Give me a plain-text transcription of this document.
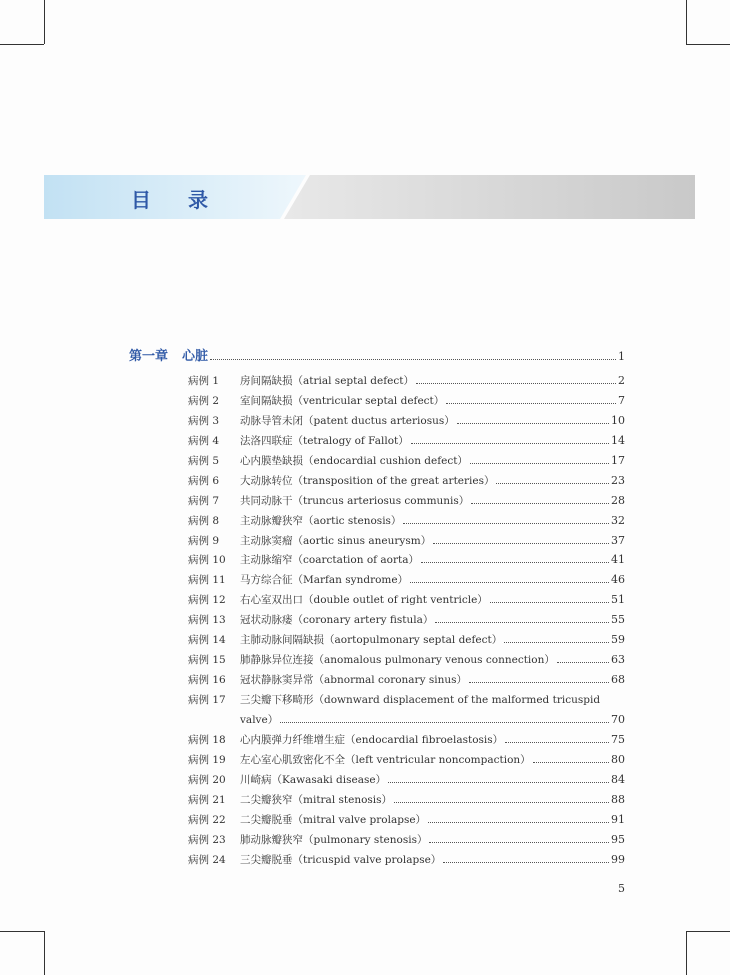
目 录
第一章 心脏	1
病例 1	房间隔缺损（atrial septal defect）	2
病例 2	室间隔缺损（ventricular septal defect）	7
病例 3	动脉导管未闭（patent ductus arteriosus）	10
病例 4	法洛四联症（tetralogy of Fallot）	14
病例 5	心内膜垫缺损（endocardial cushion defect）	17
病例 6	大动脉转位（transposition of the great arteries）	23
病例 7	共同动脉干（truncus arteriosus communis）	28
病例 8	主动脉瓣狭窄（aortic stenosis）	32
病例 9	主动脉窦瘤（aortic sinus aneurysm）	37
病例 10	主动脉缩窄（coarctation of aorta）	41
病例 11	马方综合征（Marfan syndrome）	46
病例 12	右心室双出口（double outlet of right ventricle）	51
病例 13	冠状动脉瘘（coronary artery fistula）	55
病例 14	主肺动脉间隔缺损（aortopulmonary septal defect）	59
病例 15	肺静脉异位连接（anomalous pulmonary venous connection）	63
病例 16	冠状静脉窦异常（abnormal coronary sinus）	68
病例 17	三尖瓣下移畸形（downward displacement of the malformed tricuspid
valve）	70
病例 18	心内膜弹力纤维增生症（endocardial fibroelastosis）	75
病例 19	左心室心肌致密化不全（left ventricular noncompaction）	80
病例 20	川崎病（Kawasaki disease）	84
病例 21	二尖瓣狭窄（mitral stenosis）	88
病例 22	二尖瓣脱垂（mitral valve prolapse）	91
病例 23	肺动脉瓣狭窄（pulmonary stenosis）	95
病例 24	三尖瓣脱垂（tricuspid valve prolapse）	99
5
